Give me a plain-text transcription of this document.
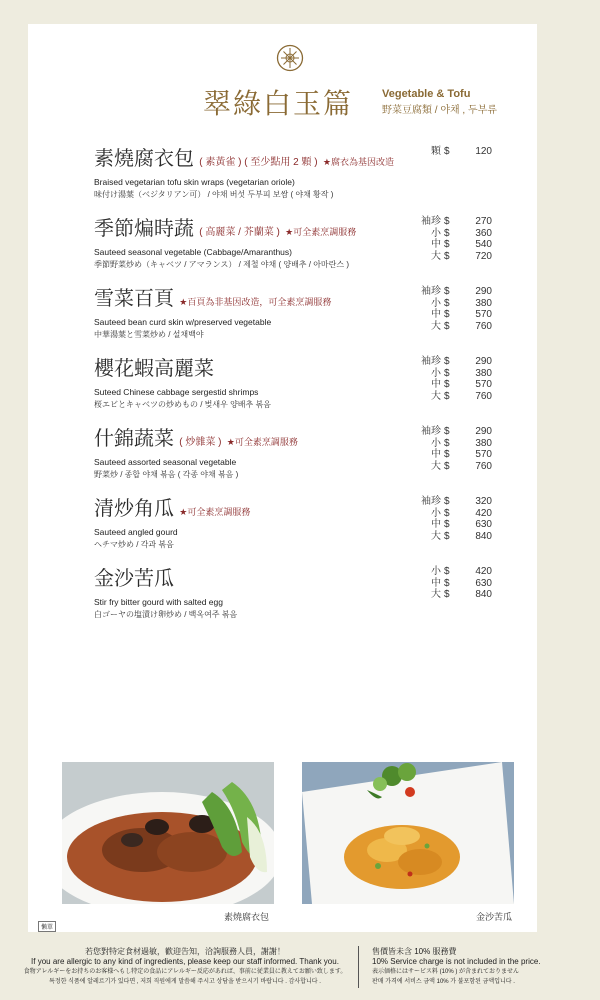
翠綠白玉篇	Vegetable & Tofu
野菜豆腐類 / 야채 , 두부류
素燒腐衣包 ( 素黃雀 ) ( 至少點用 2 顆 ) ★腐衣為基因改造
Braised vegetarian tofu skin wraps (vegetarian oriole)
味付け湯葉（ベジタリアン可） / 야채 버섯 두부피 보쌈 ( 야채 황작 )
顆 $	120
季節煸時蔬 ( 高麗菜 / 芥蘭菜 ) ★可全素烹調服務
Sauteed seasonal vegetable (Cabbage/Amaranthus)
季節野菜炒め（キャベツ / アマランス） / 제철 야채 ( 양배추 / 아마란스 )
袖珍 $	270
小 $	360
中 $	540
大 $	720
雪菜百頁 ★百頁為非基因改造，可全素烹調服務
Sauteed bean curd skin w/preserved vegetable
中華湯葉と雪菜炒め / 설채백야
袖珍 $	290
小 $	380
中 $	570
大 $	760
櫻花蝦高麗菜
Suteed Chinese cabbage sergestid shrimps
桜エビとキャベツの炒めもの / 벚새우 양배추 볶음
袖珍 $	290
小 $	380
中 $	570
大 $	760
什錦蔬菜 ( 炒雜菜 ) ★可全素烹調服務
Sauteed assorted seasonal vegetable
野菜炒 / 종합 야채 볶음 ( 각종 야채 볶음 )
袖珍 $	290
小 $	380
中 $	570
大 $	760
清炒角瓜 ★可全素烹調服務
Sauteed angled gourd
ヘチマ炒め / 각과 볶음
袖珍 $	320
小 $	420
中 $	630
大 $	840
金沙苦瓜
Stir fry bitter gourd with salted egg
白ゴーヤの塩漬け卵炒め / 백옥여주 볶음
小 $	420
中 $	630
大 $	840
素燒腐衣包	金沙苦瓜
懶單
若您對特定食材過敏，歡迎告知，洽詢服務人員，謝謝！
If you are allergic to any kind of ingredients, please keep our staff informed. Thank you.
食物アレルギーをお持ちのお客様へもし特定の食品にアレルギー反応があれば、事前に従業員に教えてお願い致します。
특정한 식품에 알레르기가 있다면 , 저희 직원에게 말씀해 주시고 상담을 받으시기 바랍니다 . 감사합니다 .
售價皆未含 10% 服務費
10% Service charge is not included in the price.
表示価格にはサービス料 (10% ) が含まれておりません
판매 가격에 서비스 금액 10% 가 불포함된 금액입니다 .
